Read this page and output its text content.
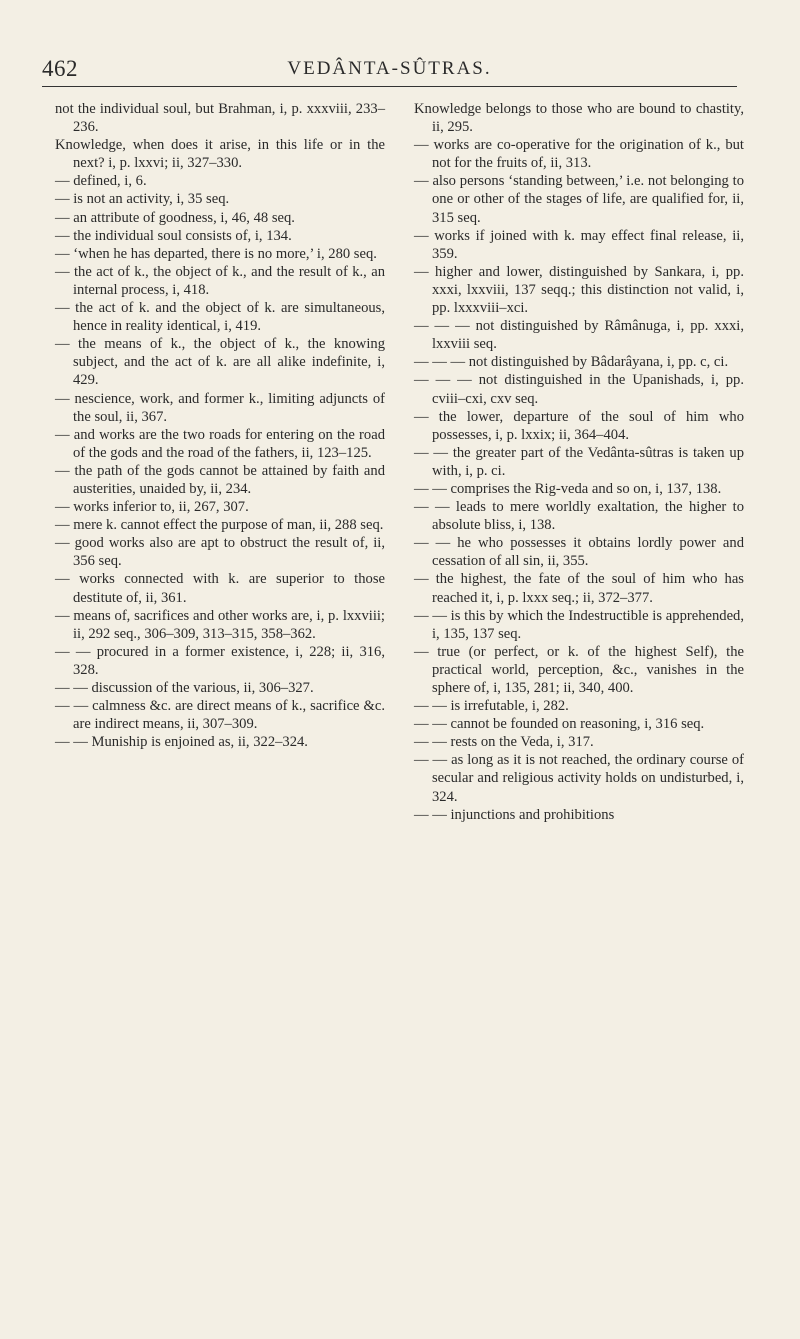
462	VEDÂNTA-SÛTRAS.

not the individual soul, but Brahman, i, p. xxxviii, 233–236.

Knowledge, when does it arise, in this life or in the next? i, p. lxxvi; ii, 327–330.

— defined, i, 6.

— is not an activity, i, 35 seq.

— an attribute of goodness, i, 46, 48 seq.

— the individual soul consists of, i, 134.

— ‘when he has departed, there is no more,’ i, 280 seq.

— the act of k., the object of k., and the result of k., an internal process, i, 418.

— the act of k. and the object of k. are simultaneous, hence in reality identical, i, 419.

— the means of k., the object of k., the knowing subject, and the act of k. are all alike indefinite, i, 429.

— nescience, work, and former k., limiting adjuncts of the soul, ii, 367.

— and works are the two roads for entering on the road of the gods and the road of the fathers, ii, 123–125.

— the path of the gods cannot be attained by faith and austerities, unaided by, ii, 234.

— works inferior to, ii, 267, 307.

— mere k. cannot effect the purpose of man, ii, 288 seq.

— good works also are apt to obstruct the result of, ii, 356 seq.

— works connected with k. are superior to those destitute of, ii, 361.

— means of, sacrifices and other works are, i, p. lxxviii; ii, 292 seq., 306–309, 313–315, 358–362.

— — procured in a former existence, i, 228; ii, 316, 328.

— — discussion of the various, ii, 306–327.

— — calmness &c. are direct means of k., sacrifice &c. are indirect means, ii, 307–309.

— — Muniship is enjoined as, ii, 322–324.

Knowledge belongs to those who are bound to chastity, ii, 295.

— works are co-operative for the origination of k., but not for the fruits of, ii, 313.

— also persons ‘standing between,’ i.e. not belonging to one or other of the stages of life, are qualified for, ii, 315 seq.

— works if joined with k. may effect final release, ii, 359.

— higher and lower, distinguished by Sankara, i, pp. xxxi, lxxviii, 137 seqq.; this distinction not valid, i, pp. lxxxviii–xci.

— — — not distinguished by Râmânuga, i, pp. xxxi, lxxviii seq.

— — — not distinguished by Bâdarâyana, i, pp. c, ci.

— — — not distinguished in the Upanishads, i, pp. cviii–cxi, cxv seq.

— the lower, departure of the soul of him who possesses, i, p. lxxix; ii, 364–404.

— — the greater part of the Vedânta-sûtras is taken up with, i, p. ci.

— — comprises the Rig-veda and so on, i, 137, 138.

— — leads to mere worldly exaltation, the higher to absolute bliss, i, 138.

— — he who possesses it obtains lordly power and cessation of all sin, ii, 355.

— the highest, the fate of the soul of him who has reached it, i, p. lxxx seq.; ii, 372–377.

— — is this by which the Indestructible is apprehended, i, 135, 137 seq.

— true (or perfect, or k. of the highest Self), the practical world, perception, &c., vanishes in the sphere of, i, 135, 281; ii, 340, 400.

— — is irrefutable, i, 282.

— — cannot be founded on reasoning, i, 316 seq.

— — rests on the Veda, i, 317.

— — as long as it is not reached, the ordinary course of secular and religious activity holds on undisturbed, i, 324.

— — injunctions and prohibitions
